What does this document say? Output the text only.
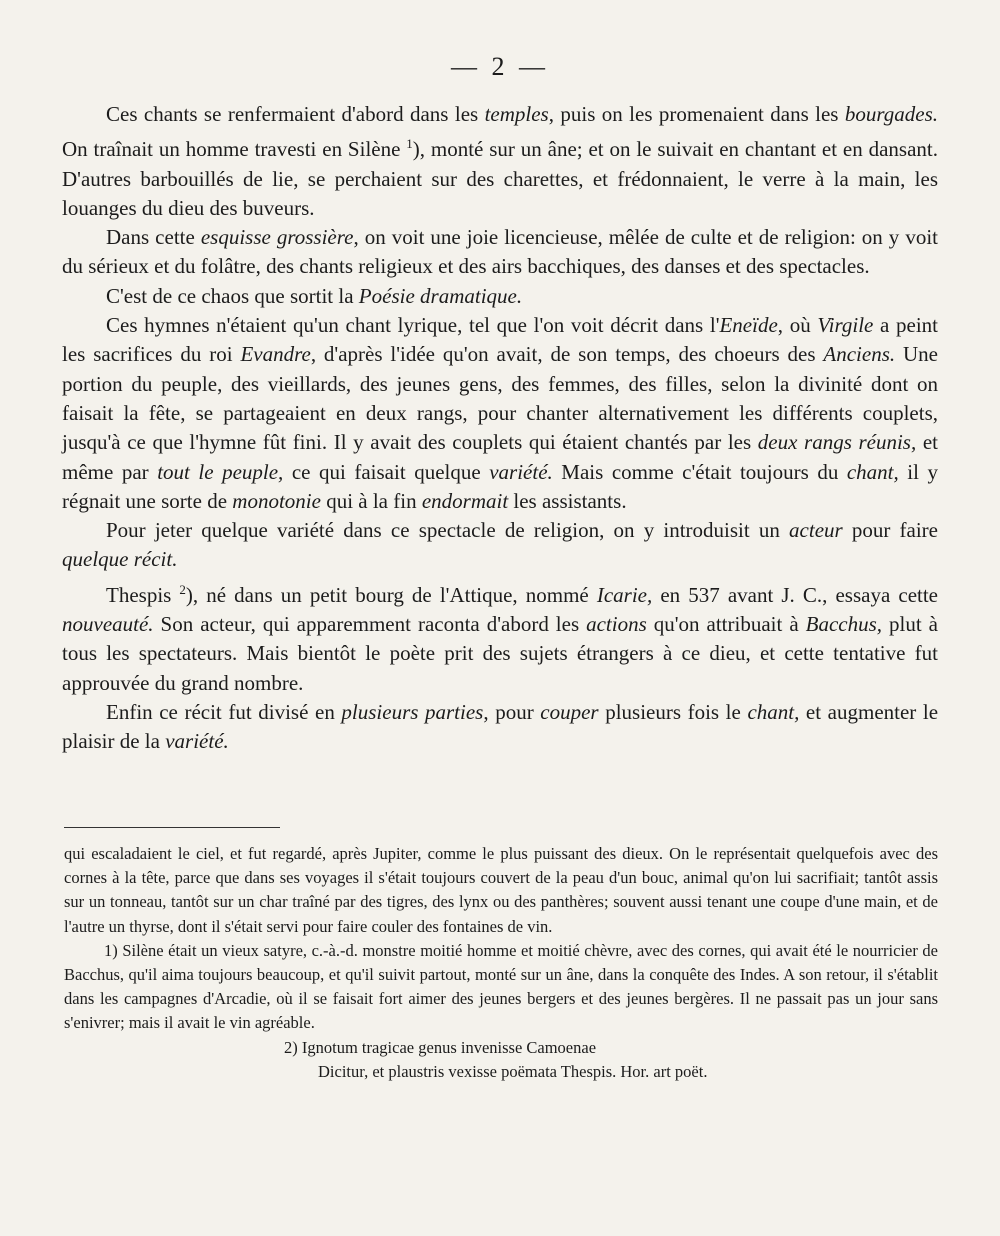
— 2 —

Ces chants se renfermaient d'abord dans les temples, puis on les promenaient dans les bourgades. On traînait un homme travesti en Silène $^1$), monté sur un âne; et on le suivait en chantant et en dansant. D'autres barbouillés de lie, se perchaient sur des charettes, et frédonnaient, le verre à la main, les louanges du dieu des buveurs.

Dans cette esquisse grossière, on voit une joie licencieuse, mêlée de culte et de religion: on y voit du sérieux et du folâtre, des chants religieux et des airs bacchiques, des danses et des spectacles.

C'est de ce chaos que sortit la Poésie dramatique.

Ces hymnes n'étaient qu'un chant lyrique, tel que l'on voit décrit dans l'Eneïde, où Virgile a peint les sacrifices du roi Evandre, d'après l'idée qu'on avait, de son temps, des choeurs des Anciens. Une portion du peuple, des vieillards, des jeunes gens, des femmes, des filles, selon la divinité dont on faisait la fête, se partageaient en deux rangs, pour chanter alternativement les différents couplets, jusqu'à ce que l'hymne fût fini. Il y avait des couplets qui étaient chantés par les deux rangs réunis, et même par tout le peuple, ce qui faisait quelque variété. Mais comme c'était toujours du chant, il y régnait une sorte de monotonie qui à la fin endormait les assistants.

Pour jeter quelque variété dans ce spectacle de religion, on y introduisit un acteur pour faire quelque récit.

Thespis $^2$), né dans un petit bourg de l'Attique, nommé Icarie, en 537 avant J. C., essaya cette nouveauté. Son acteur, qui apparemment raconta d'abord les actions qu'on attribuait à Bacchus, plut à tous les spectateurs. Mais bientôt le poète prit des sujets étrangers à ce dieu, et cette tentative fut approuvée du grand nombre.

Enfin ce récit fut divisé en plusieurs parties, pour couper plusieurs fois le chant, et augmenter le plaisir de la variété.

qui escaladaient le ciel, et fut regardé, après Jupiter, comme le plus puissant des dieux. On le représentait quelquefois avec des cornes à la tête, parce que dans ses voyages il s'était toujours couvert de la peau d'un bouc, animal qu'on lui sacrifiait; tantôt assis sur un tonneau, tantôt sur un char traîné par des tigres, des lynx ou des panthères; souvent aussi tenant une coupe d'une main, et de l'autre un thyrse, dont il s'était servi pour faire couler des fontaines de vin.

1) Silène était un vieux satyre, c.-à.-d. monstre moitié homme et moitié chèvre, avec des cornes, qui avait été le nourricier de Bacchus, qu'il aima toujours beaucoup, et qu'il suivit partout, monté sur un âne, dans la conquête des Indes. A son retour, il s'établit dans les campagnes d'Arcadie, où il se faisait fort aimer des jeunes bergers et des jeunes bergères. Il ne passait pas un jour sans s'enivrer; mais il avait le vin agréable.

2) Ignotum tragicae genus invenisse Camoenae

Dicitur, et plaustris vexisse poëmata Thespis. Hor. art poët.
